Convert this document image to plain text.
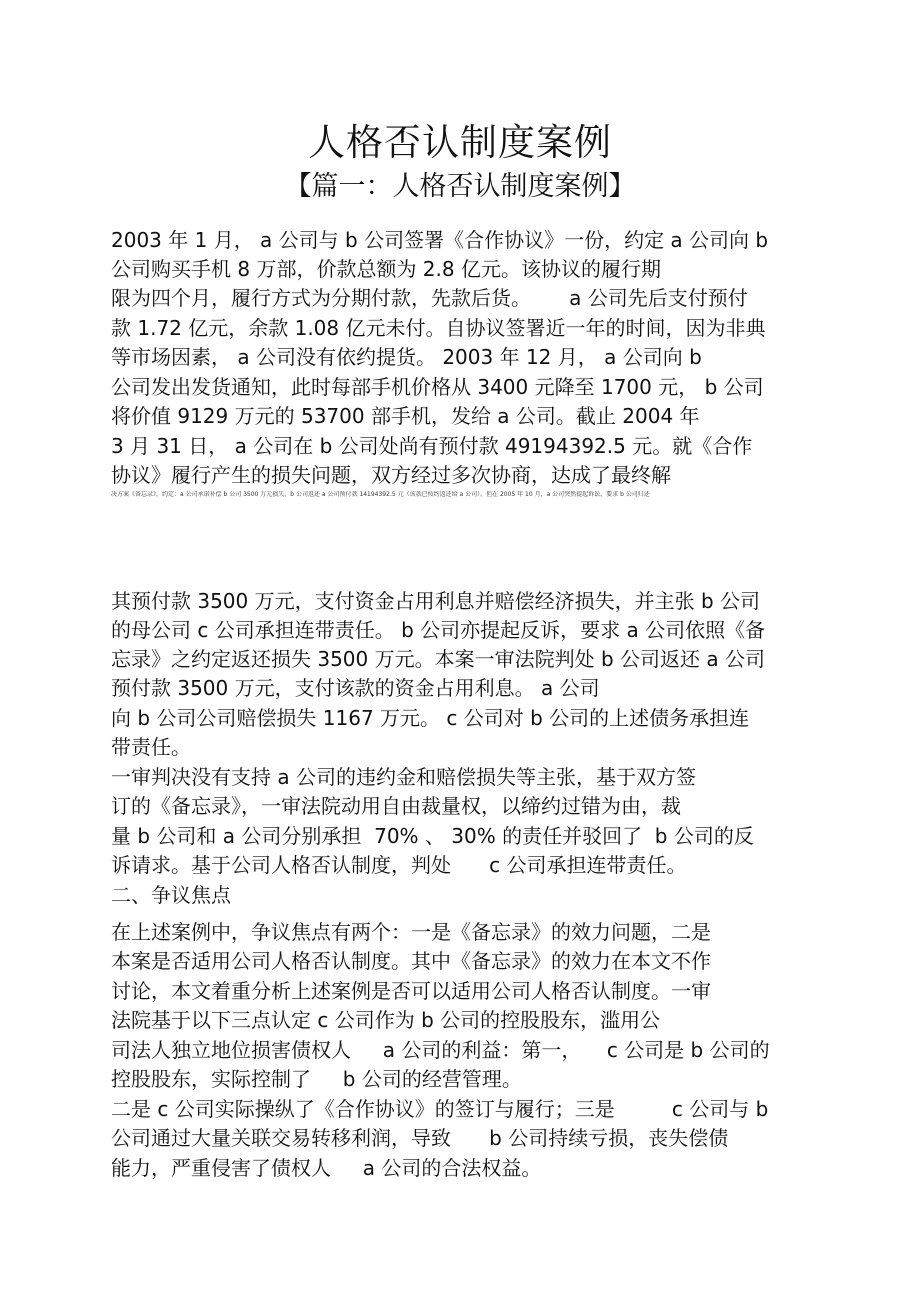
人格否认制度案例
【篇一：人格否认制度案例】
2003 年 1 月， a 公司与 b 公司签署《合作协议》一份，约定 a 公司向 b
公司购买手机 8 万部，价款总额为 2.8 亿元。该协议的履行期
限为四个月，履行方式为分期付款，先款后货。      a 公司先后支付预付
款 1.72 亿元，余款 1.08 亿元未付。自协议签署近一年的时间，因为非典
等市场因素， a 公司没有依约提货。 2003 年 12 月， a 公司向 b
公司发出发货通知，此时每部手机价格从 3400 元降至 1700 元， b 公司
将价值 9129 万元的 53700 部手机，发给 a 公司。截止 2004 年
3 月 31 日， a 公司在 b 公司处尚有预付款 49194392.5 元。就《合作
协议》履行产生的损失问题，双方经过多次协商，达成了最终解
决方案《备忘录》，约定：a 公司承诺补偿 b 公司 3500 万元损失，b 公司返还 a 公司预付款 14194392.5 元（该款已按约返还给 a 公司）。但在 2005 年 10 月，a 公司突然提起诉讼，要求 b 公司归还
其预付款 3500 万元，支付资金占用利息并赔偿经济损失，并主张 b 公司
的母公司 c 公司承担连带责任。 b 公司亦提起反诉，要求 a 公司依照《备
忘录》之约定返还损失 3500 万元。本案一审法院判处 b 公司返还 a 公司
预付款 3500 万元，支付该款的资金占用利息。 a 公司
向 b 公司公司赔偿损失 1167 万元。 c 公司对 b 公司的上述债务承担连
带责任。
一审判决没有支持 a 公司的违约金和赔偿损失等主张，基于双方签
订的《备忘录》，一审法院动用自由裁量权，以缔约过错为由，裁
量 b 公司和 a 公司分别承担  70% 、 30% 的责任并驳回了  b 公司的反
诉请求。基于公司人格否认制度，判处      c 公司承担连带责任。
二、争议焦点
在上述案例中，争议焦点有两个：一是《备忘录》的效力问题，二是
本案是否适用公司人格否认制度。其中《备忘录》的效力在本文不作
讨论，本文着重分析上述案例是否可以适用公司人格否认制度。一审
法院基于以下三点认定 c 公司作为 b 公司的控股股东，滥用公
司法人独立地位损害债权人     a 公司的利益：第一，    c 公司是 b 公司的
控股股东，实际控制了     b 公司的经营管理。
二是 c 公司实际操纵了《合作协议》的签订与履行；三是         c 公司与 b
公司通过大量关联交易转移利润，导致      b 公司持续亏损，丧失偿债
能力，严重侵害了债权人     a 公司的合法权益。
